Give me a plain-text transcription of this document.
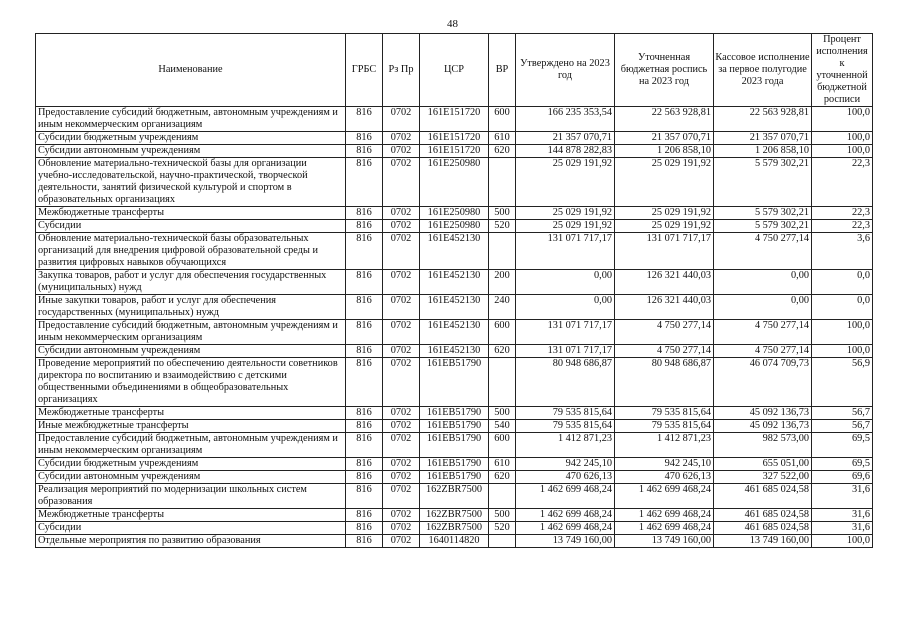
48
Наименование	ГРБС	Рз Пр	ЦСР	ВР	Утверждено на 2023 год	Уточненная бюджетная роспись на 2023 год	Кассовое исполнение за первое полугодие 2023 года	Процент исполнения к уточненной бюджетной росписи
Предоставление субсидий бюджетным, автономным учреждениям и иным некоммерческим организациям	816	0702	161E151720	600	166 235 353,54	22 563 928,81	22 563 928,81	100,0
Субсидии бюджетным учреждениям	816	0702	161E151720	610	21 357 070,71	21 357 070,71	21 357 070,71	100,0
Субсидии автономным учреждениям	816	0702	161E151720	620	144 878 282,83	1 206 858,10	1 206 858,10	100,0
Обновление материально-технической базы для организации учебно-исследовательской, научно-практической, творческой деятельности, занятий физической культурой и спортом в образовательных организациях	816	0702	161E250980		25 029 191,92	25 029 191,92	5 579 302,21	22,3
Межбюджетные трансферты	816	0702	161E250980	500	25 029 191,92	25 029 191,92	5 579 302,21	22,3
Субсидии	816	0702	161E250980	520	25 029 191,92	25 029 191,92	5 579 302,21	22,3
Обновление материально-технической базы образовательных организаций для внедрения цифровой образовательной среды и развития цифровых навыков обучающихся	816	0702	161E452130		131 071 717,17	131 071 717,17	4 750 277,14	3,6
Закупка товаров, работ и услуг для обеспечения государственных (муниципальных) нужд	816	0702	161E452130	200	0,00	126 321 440,03	0,00	0,0
Иные закупки товаров, работ и услуг для обеспечения государственных (муниципальных) нужд	816	0702	161E452130	240	0,00	126 321 440,03	0,00	0,0
Предоставление субсидий бюджетным, автономным учреждениям и иным некоммерческим организациям	816	0702	161E452130	600	131 071 717,17	4 750 277,14	4 750 277,14	100,0
Субсидии автономным учреждениям	816	0702	161E452130	620	131 071 717,17	4 750 277,14	4 750 277,14	100,0
Проведение мероприятий по обеспечению деятельности советников директора по воспитанию и взаимодействию с детскими общественными объединениями в общеобразовательных организациях	816	0702	161EB51790		80 948 686,87	80 948 686,87	46 074 709,73	56,9
Межбюджетные трансферты	816	0702	161EB51790	500	79 535 815,64	79 535 815,64	45 092 136,73	56,7
Иные межбюджетные трансферты	816	0702	161EB51790	540	79 535 815,64	79 535 815,64	45 092 136,73	56,7
Предоставление субсидий бюджетным, автономным учреждениям и иным некоммерческим организациям	816	0702	161EB51790	600	1 412 871,23	1 412 871,23	982 573,00	69,5
Субсидии бюджетным учреждениям	816	0702	161EB51790	610	942 245,10	942 245,10	655 051,00	69,5
Субсидии автономным учреждениям	816	0702	161EB51790	620	470 626,13	470 626,13	327 522,00	69,6
Реализация мероприятий по модернизации школьных систем образования	816	0702	162ZBR7500		1 462 699 468,24	1 462 699 468,24	461 685 024,58	31,6
Межбюджетные трансферты	816	0702	162ZBR7500	500	1 462 699 468,24	1 462 699 468,24	461 685 024,58	31,6
Субсидии	816	0702	162ZBR7500	520	1 462 699 468,24	1 462 699 468,24	461 685 024,58	31,6
Отдельные мероприятия по развитию образования	816	0702	1640114820		13 749 160,00	13 749 160,00	13 749 160,00	100,0
